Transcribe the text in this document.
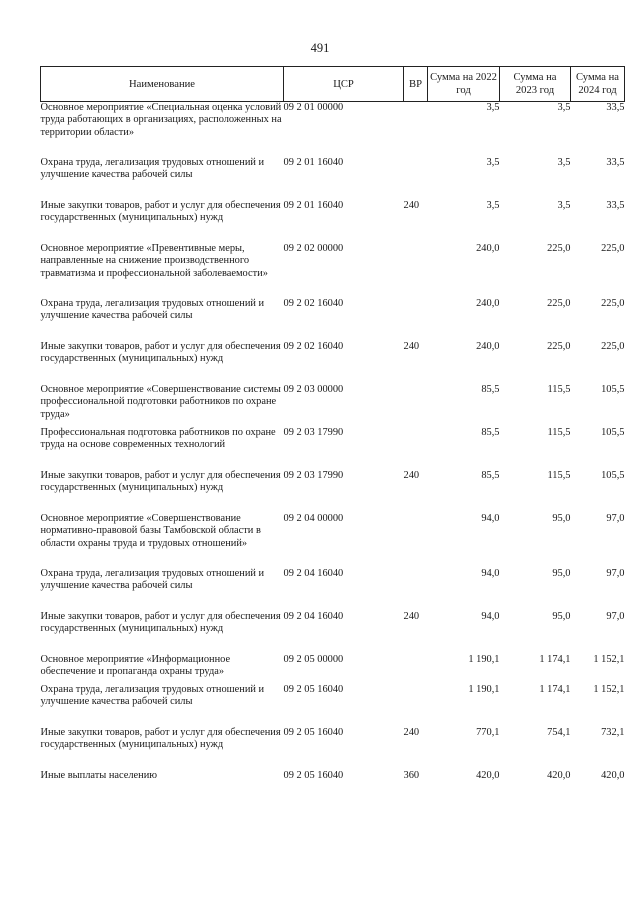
491
Наименование	ЦСР	ВР	Сумма на 2022 год	Сумма на 2023 год	Сумма на 2024 год
Основное мероприятие «Специальная оценка условий труда работающих в организациях, расположенных на территории области»	09 2 01 00000		3,5	3,5	33,5
Охрана труда, легализация трудовых отношений и улучшение качества рабочей силы	09 2 01 16040		3,5	3,5	33,5
Иные закупки товаров, работ и услуг для обеспечения государственных (муниципальных) нужд	09 2 01 16040	240	3,5	3,5	33,5
Основное мероприятие «Превентивные меры, направленные на снижение производственного травматизма и профессиональной заболеваемости»	09 2 02 00000		240,0	225,0	225,0
Охрана труда, легализация трудовых отношений и улучшение качества рабочей силы	09 2 02 16040		240,0	225,0	225,0
Иные закупки товаров, работ и услуг для обеспечения государственных (муниципальных) нужд	09 2 02 16040	240	240,0	225,0	225,0
Основное мероприятие «Совершенствование системы профессиональной подготовки работников по охране труда»	09 2 03 00000		85,5	115,5	105,5
Профессиональная подготовка работников по охране труда на основе современных технологий	09 2 03 17990		85,5	115,5	105,5
Иные закупки товаров, работ и услуг для обеспечения государственных (муниципальных) нужд	09 2 03 17990	240	85,5	115,5	105,5
Основное мероприятие «Совершенствование нормативно-правовой базы Тамбовской области в области охраны труда и трудовых отношений»	09 2 04 00000		94,0	95,0	97,0
Охрана труда, легализация трудовых отношений и улучшение качества рабочей силы	09 2 04 16040		94,0	95,0	97,0
Иные закупки товаров, работ и услуг для обеспечения государственных (муниципальных) нужд	09 2 04 16040	240	94,0	95,0	97,0
Основное мероприятие «Информационное обеспечение и пропаганда охраны труда»	09 2 05 00000		1 190,1	1 174,1	1 152,1
Охрана труда, легализация трудовых отношений и улучшение качества рабочей силы	09 2 05 16040		1 190,1	1 174,1	1 152,1
Иные закупки товаров, работ и услуг для обеспечения государственных (муниципальных) нужд	09 2 05 16040	240	770,1	754,1	732,1
Иные выплаты населению	09 2 05 16040	360	420,0	420,0	420,0
